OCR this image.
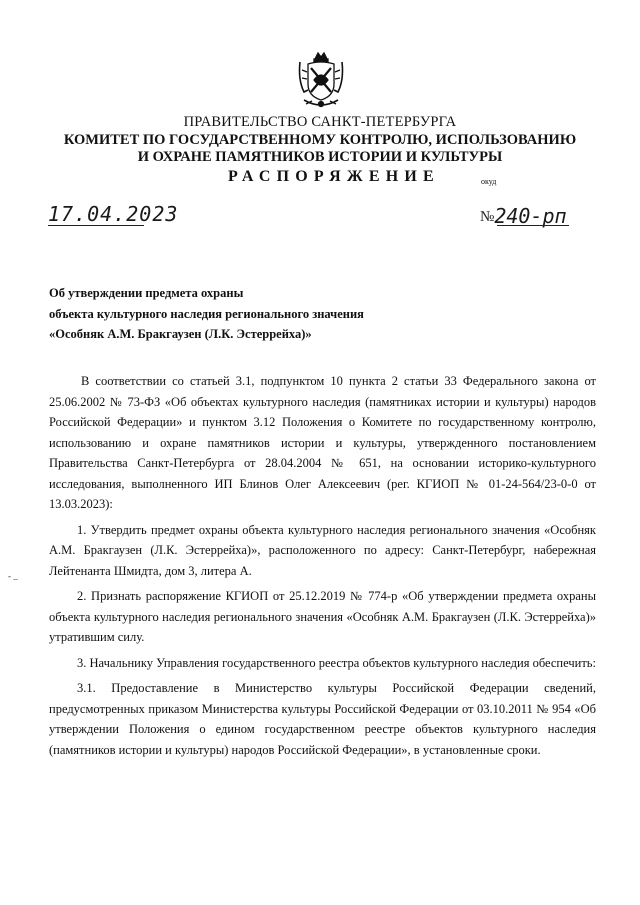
ПРАВИТЕЛЬСТВО САНКТ-ПЕТЕРБУРГА
КОМИТЕТ ПО ГОСУДАРСТВЕННОМУ КОНТРОЛЮ, ИСПОЛЬЗОВАНИЮ
И ОХРАНЕ ПАМЯТНИКОВ ИСТОРИИ И КУЛЬТУРЫ
РАСПОРЯЖЕНИЕ	окуд
17.04.2023	№240-рп
Об утверждении предмета охраны
объекта культурного наследия регионального значения
«Особняк А.М. Бракгаузен (Л.К. Эстеррейха)»

В соответствии со статьей 3.1, подпунктом 10 пункта 2 статьи 33 Федерального закона от 25.06.2002 № 73-ФЗ «Об объектах культурного наследия (памятниках истории и культуры) народов Российской Федерации» и пунктом 3.12 Положения о Комитете по государственному контролю, использованию и охране памятников истории и культуры, утвержденного постановлением Правительства Санкт-Петербурга от 28.04.2004 № 651, на основании историко-культурного исследования, выполненного ИП Блинов Олег Алексеевич (рег. КГИОП № 01-24-564/23-0-0 от 13.03.2023):

1. Утвердить предмет охраны объекта культурного наследия регионального значения «Особняк А.М. Бракгаузен (Л.К. Эстеррейха)», расположенного по адресу: Санкт-Петербург, набережная Лейтенанта Шмидта, дом 3, литера А.

2. Признать распоряжение КГИОП от 25.12.2019 № 774-р «Об утверждении предмета охраны объекта культурного наследия регионального значения «Особняк А.М. Бракгаузен (Л.К. Эстеррейха)» утратившим силу.

3. Начальнику Управления государственного реестра объектов культурного наследия обеспечить:

3.1. Предоставление в Министерство культуры Российской Федерации сведений, предусмотренных приказом Министерства культуры Российской Федерации от 03.10.2011 № 954 «Об утверждении Положения о едином государственном реестре объектов культурного наследия (памятников истории и культуры) народов Российской Федерации», в установленные сроки.

- _
